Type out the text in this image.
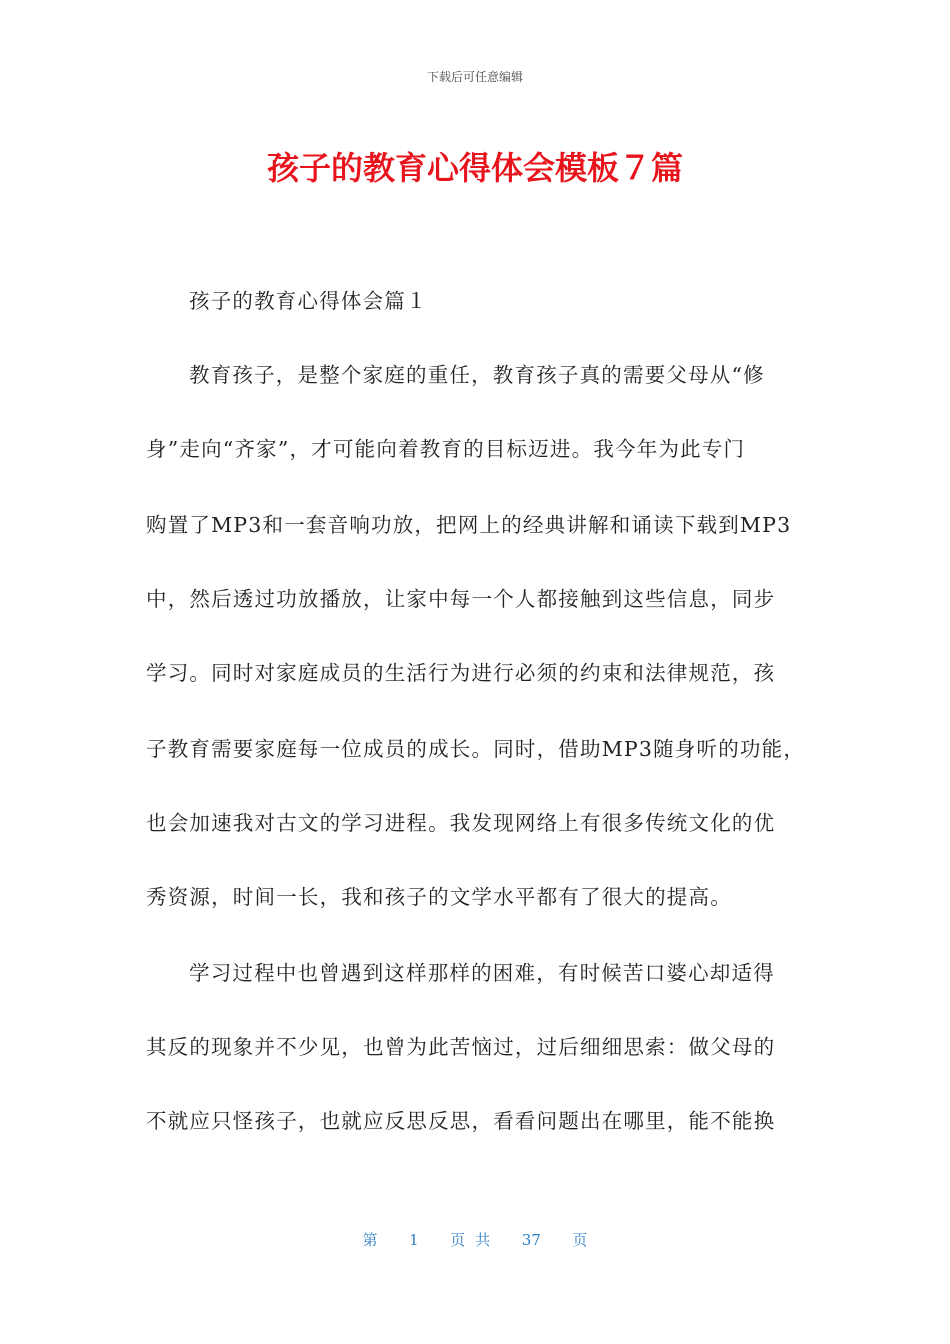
下载后可任意编辑
孩子的教育心得体会模板７篇
孩子的教育心得体会篇１
教育孩子，是整个家庭的重任，教育孩子真的需要父母从“修
身”走向“齐家”，才可能向着教育的目标迈进。我今年为此专门
购置了MP3和一套音响功放，把网上的经典讲解和诵读下载到MP3
中，然后透过功放播放，让家中每一个人都接触到这些信息，同步
学习。同时对家庭成员的生活行为进行必须的约束和法律规范，孩
子教育需要家庭每一位成员的成长。同时，借助MP3随身听的功能，
也会加速我对古文的学习进程。我发现网络上有很多传统文化的优
秀资源，时间一长，我和孩子的文学水平都有了很大的提高。
学习过程中也曾遇到这样那样的困难，有时候苦口婆心却适得
其反的现象并不少见，也曾为此苦恼过，过后细细思索：做父母的
不就应只怪孩子，也就应反思反思，看看问题出在哪里，能不能换
第 1 页共 37 页
